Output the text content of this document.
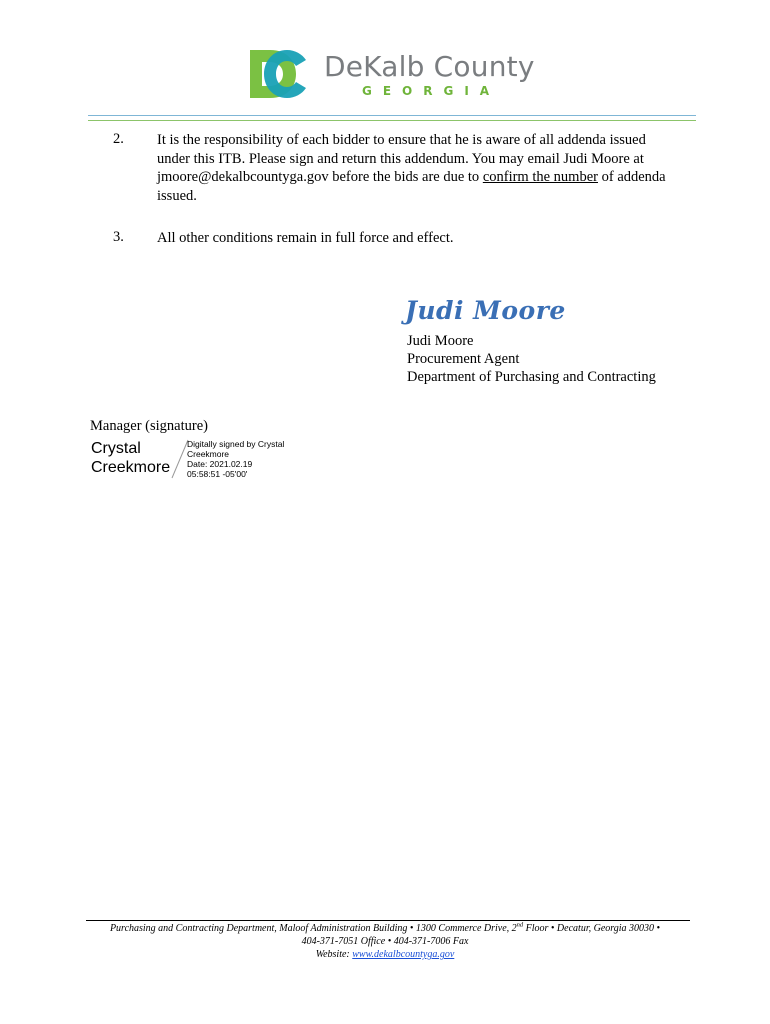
DeKalb County
GEORGIA
2. It is the responsibility of each bidder to ensure that he is aware of all addenda issued
under this ITB. Please sign and return this addendum. You may email Judi Moore at
jmoore@dekalbcountyga.gov before the bids are due to confirm the number of addenda
issued.
3. All other conditions remain in full force and effect.
Judi Moore
Judi Moore
Procurement Agent
Department of Purchasing and Contracting
Manager (signature)
Crystal
Creekmore
Digitally signed by Crystal
Creekmore
Date: 2021.02.19
05:58:51 -05'00'
Purchasing and Contracting Department, Maloof Administration Building • 1300 Commerce Drive, 2nd Floor • Decatur, Georgia 30030 •
404-371-7051 Office • 404-371-7006 Fax
Website: www.dekalbcountyga.gov
